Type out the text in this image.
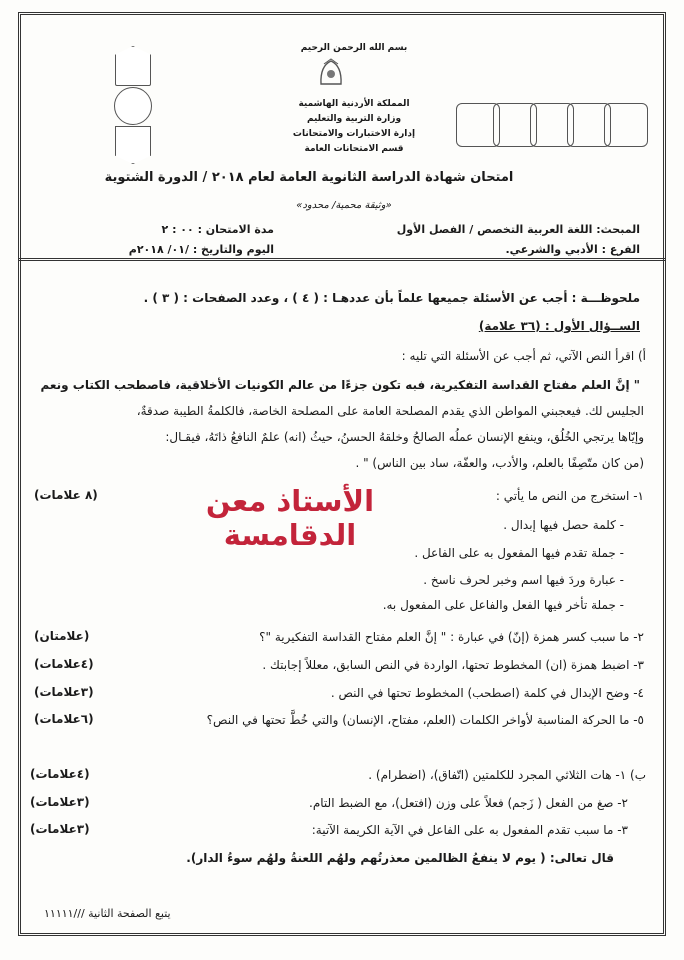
بسم الله الرحمن الرحيم
المملكة الأردنية الهاشمية
وزارة التربية والتعليم
إدارة الاختبارات والامتحانات
قسم الامتحانات العامة
امتحان شهادة الدراسة الثانوية العامة لعام ٢٠١٨ / الدورة الشتوية
«وثيقة محمية/ محدود»
المبحث: اللغة العربية التخصص / الفصل الأول
الفرع : الأدبي والشرعي.
مدة الامتحان : ٠٠ : ٢
اليوم والتاريخ : /٠١/ ٢٠١٨م
ملحوظـــة : أجب عن الأسئلة جميعها علماً بأن عددهـا : ( ٤ ) ، وعدد الصفحات : ( ٣ ) .
الســؤال الأول : (٣٦ علامة)
أ) اقرأ النص الآتي، ثم أجب عن الأسئلة التي تليه :
" إنَّ العلم مفتاح القداسة التفكيرية، فبه تكون جزءًا من عالم الكونيات الأخلاقية، فاصطحب الكتاب ونعم
الجليس لك. فيعجبني المواطن الذي يقدم المصلحة العامة على المصلحة الخاصة، فالكلمةُ الطيبة صدقةٌ،
وإيّاها يرتجي الخُلُق، وينفع الإنسان عملُه الصالحُ وخلقهُ الحسنُ، حيثُ (انه) علمٌ النافعُ ذاتَهُ، فيقـال:
(من كان متّصِفًا بالعلم، والأدب، والعفّة، ساد بين الناس) " .
الأستاذ معن الدقامسة
١- استخرج من النص ما يأتي :
(٨ علامات)
- كلمة حصل فيها إبدال .
- جملة تقدم فيها المفعول به على الفاعل .
- عبارة وردَ فيها اسم وخبر لحرف ناسخ .
- جملة تأخر فيها الفعل والفاعل على المفعول به.
٢- ما سبب كسر همزة (إنّ) في عبارة : " إنَّ العلم مفتاح القداسة التفكيرية "؟
(علامتان)
٣- اضبط همزة (ان) المخطوط تحتها، الواردة في النص السابق، معللاً إجابتك .
(٤علامات)
٤- وضح الإبدال في كلمة (اصطحب) المخطوط تحتها في النص .
(٣علامات)
٥- ما الحركة المناسبة لأواخر الكلمات (العلم، مفتاح، الإنسان) والتي خُطَّ تحتها في النص؟
(٦علامات)
ب) ١- هات الثلاثي المجرد للكلمتين (اتّفاق)، (اضطرام) .
(٤علامات)
٢- صغ من الفعل ( زَجم) فعلاً على وزن (افتعل)، مع الضبط التام.
(٣علامات)
٣- ما سبب تقدم المفعول به على الفاعل في الآية الكريمة الآتية:
(٣علامات)
قال تعالى: ( يوم لا ينفعُ الظالمين معذرتُهم ولهُم اللعنةُ ولهُم سوءُ الدار).
يتبع الصفحة الثانية ///١١١١١
